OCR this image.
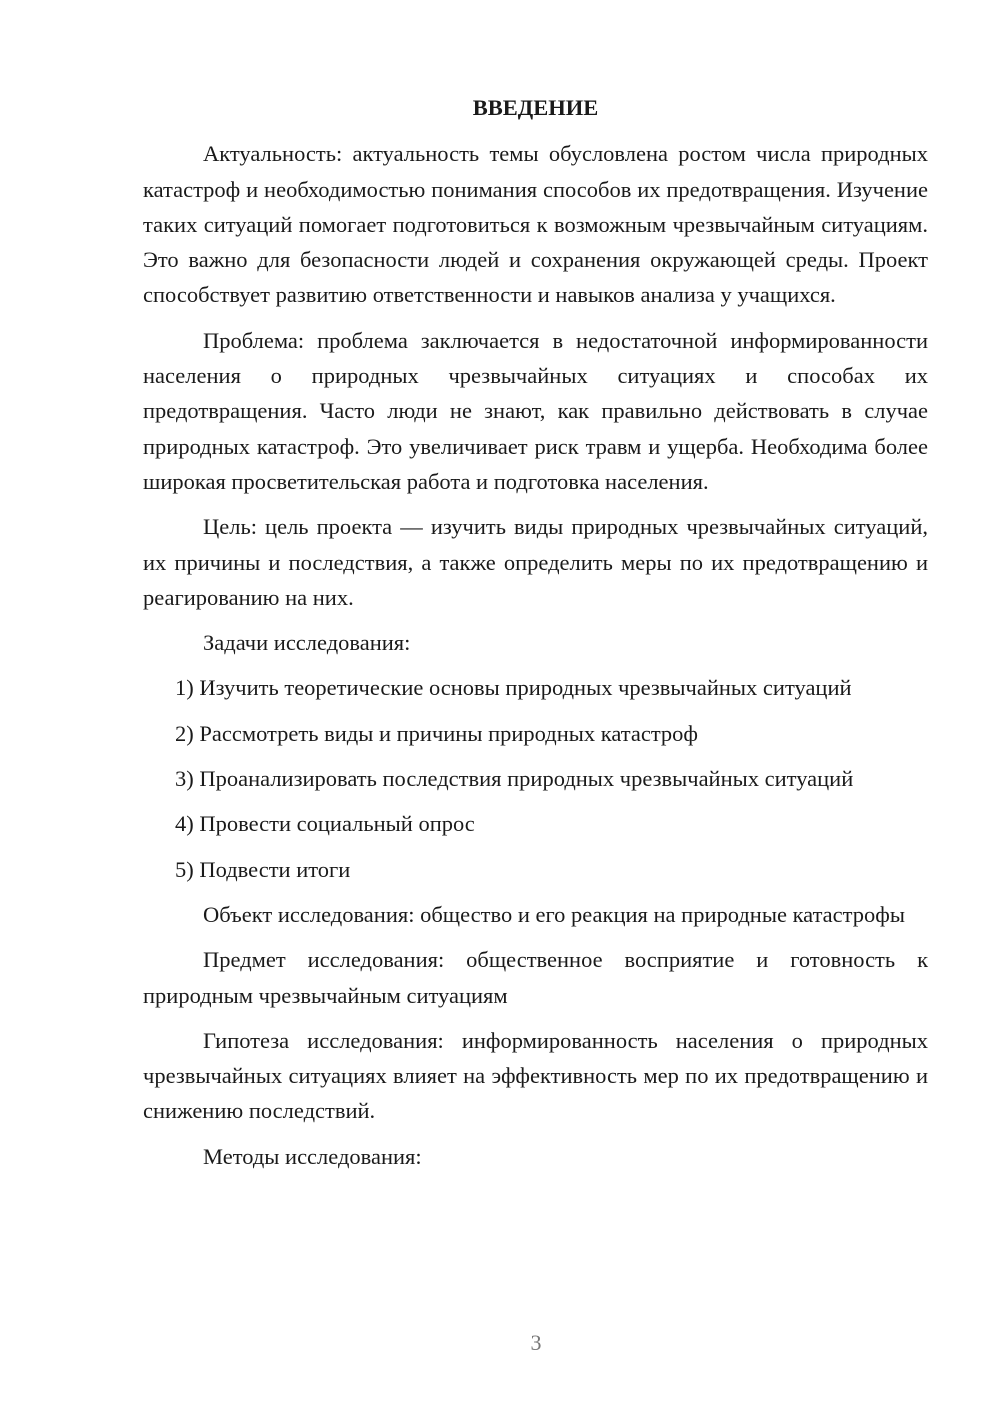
ВВЕДЕНИЕ

Актуальность: актуальность темы обусловлена ростом числа природных катастроф и необходимостью понимания способов их предотвращения. Изучение таких ситуаций помогает подготовиться к возможным чрезвычайным ситуациям. Это важно для безопасности людей и сохранения окружающей среды. Проект способствует развитию ответственности и навыков анализа у учащихся.

Проблема: проблема заключается в недостаточной информированности населения о природных чрезвычайных ситуациях и способах их предотвращения. Часто люди не знают, как правильно действовать в случае природных катастроф. Это увеличивает риск травм и ущерба. Необходима более широкая просветительская работа и подготовка населения.

Цель: цель проекта — изучить виды природных чрезвычайных ситуаций, их причины и последствия, а также определить меры по их предотвращению и реагированию на них.

Задачи исследования:

1) Изучить теоретические основы природных чрезвычайных ситуаций
2) Рассмотреть виды и причины природных катастроф
3) Проанализировать последствия природных чрезвычайных ситуаций
4) Провести социальный опрос
5) Подвести итоги

Объект исследования: общество и его реакция на природные катастрофы

Предмет исследования: общественное восприятие и готовность к природным чрезвычайным ситуациям

Гипотеза исследования: информированность населения о природных чрезвычайных ситуациях влияет на эффективность мер по их предотвращению и снижению последствий.

Методы исследования:

3
